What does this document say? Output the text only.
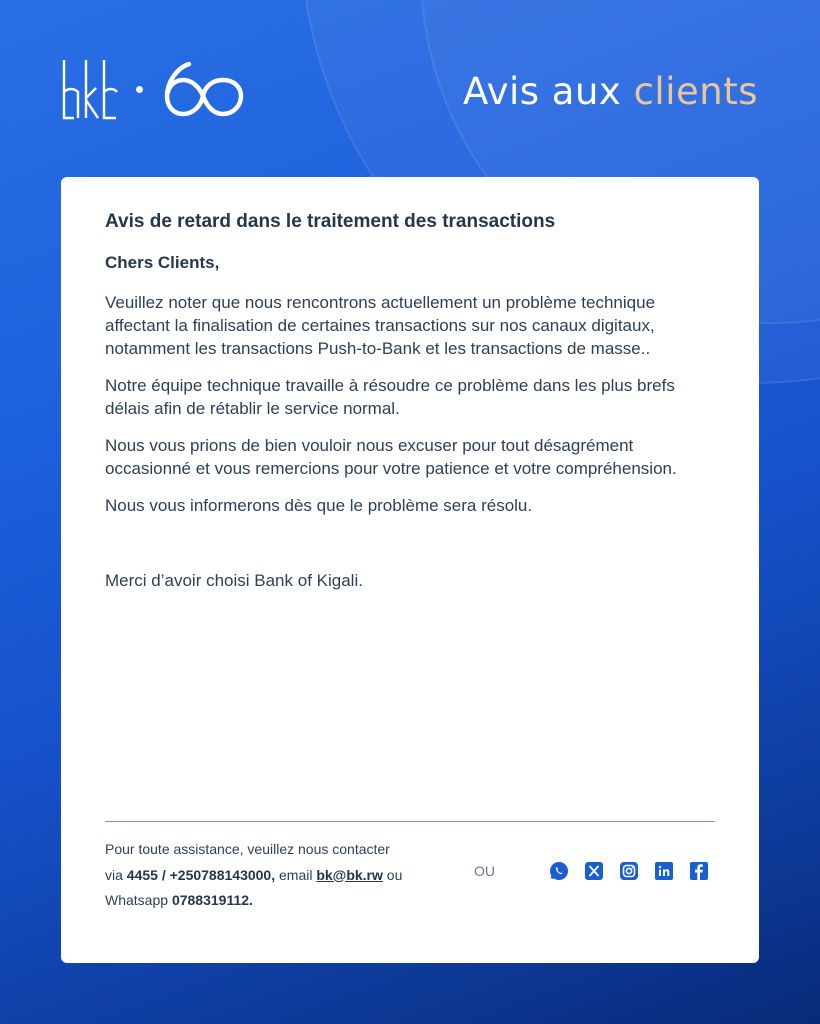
Avis aux clients

Avis de retard dans le traitement des transactions

Chers Clients,

Veuillez noter que nous rencontrons actuellement un problème technique affectant la finalisation de certaines transactions sur nos canaux digitaux, notamment les transactions Push-to-Bank et les transactions de masse..

Notre équipe technique travaille à résoudre ce problème dans les plus brefs délais afin de rétablir le service normal.

Nous vous prions de bien vouloir nous excuser pour tout désagrément occasionné et vous remercions pour votre patience et votre compréhension.

Nous vous informerons dès que le problème sera résolu.

Merci d’avoir choisi Bank of Kigali.

Pour toute assistance, veuillez nous contacter
via 4455 / +250788143000, email bk@bk.rw ou
Whatsapp 0788319112.
OU
